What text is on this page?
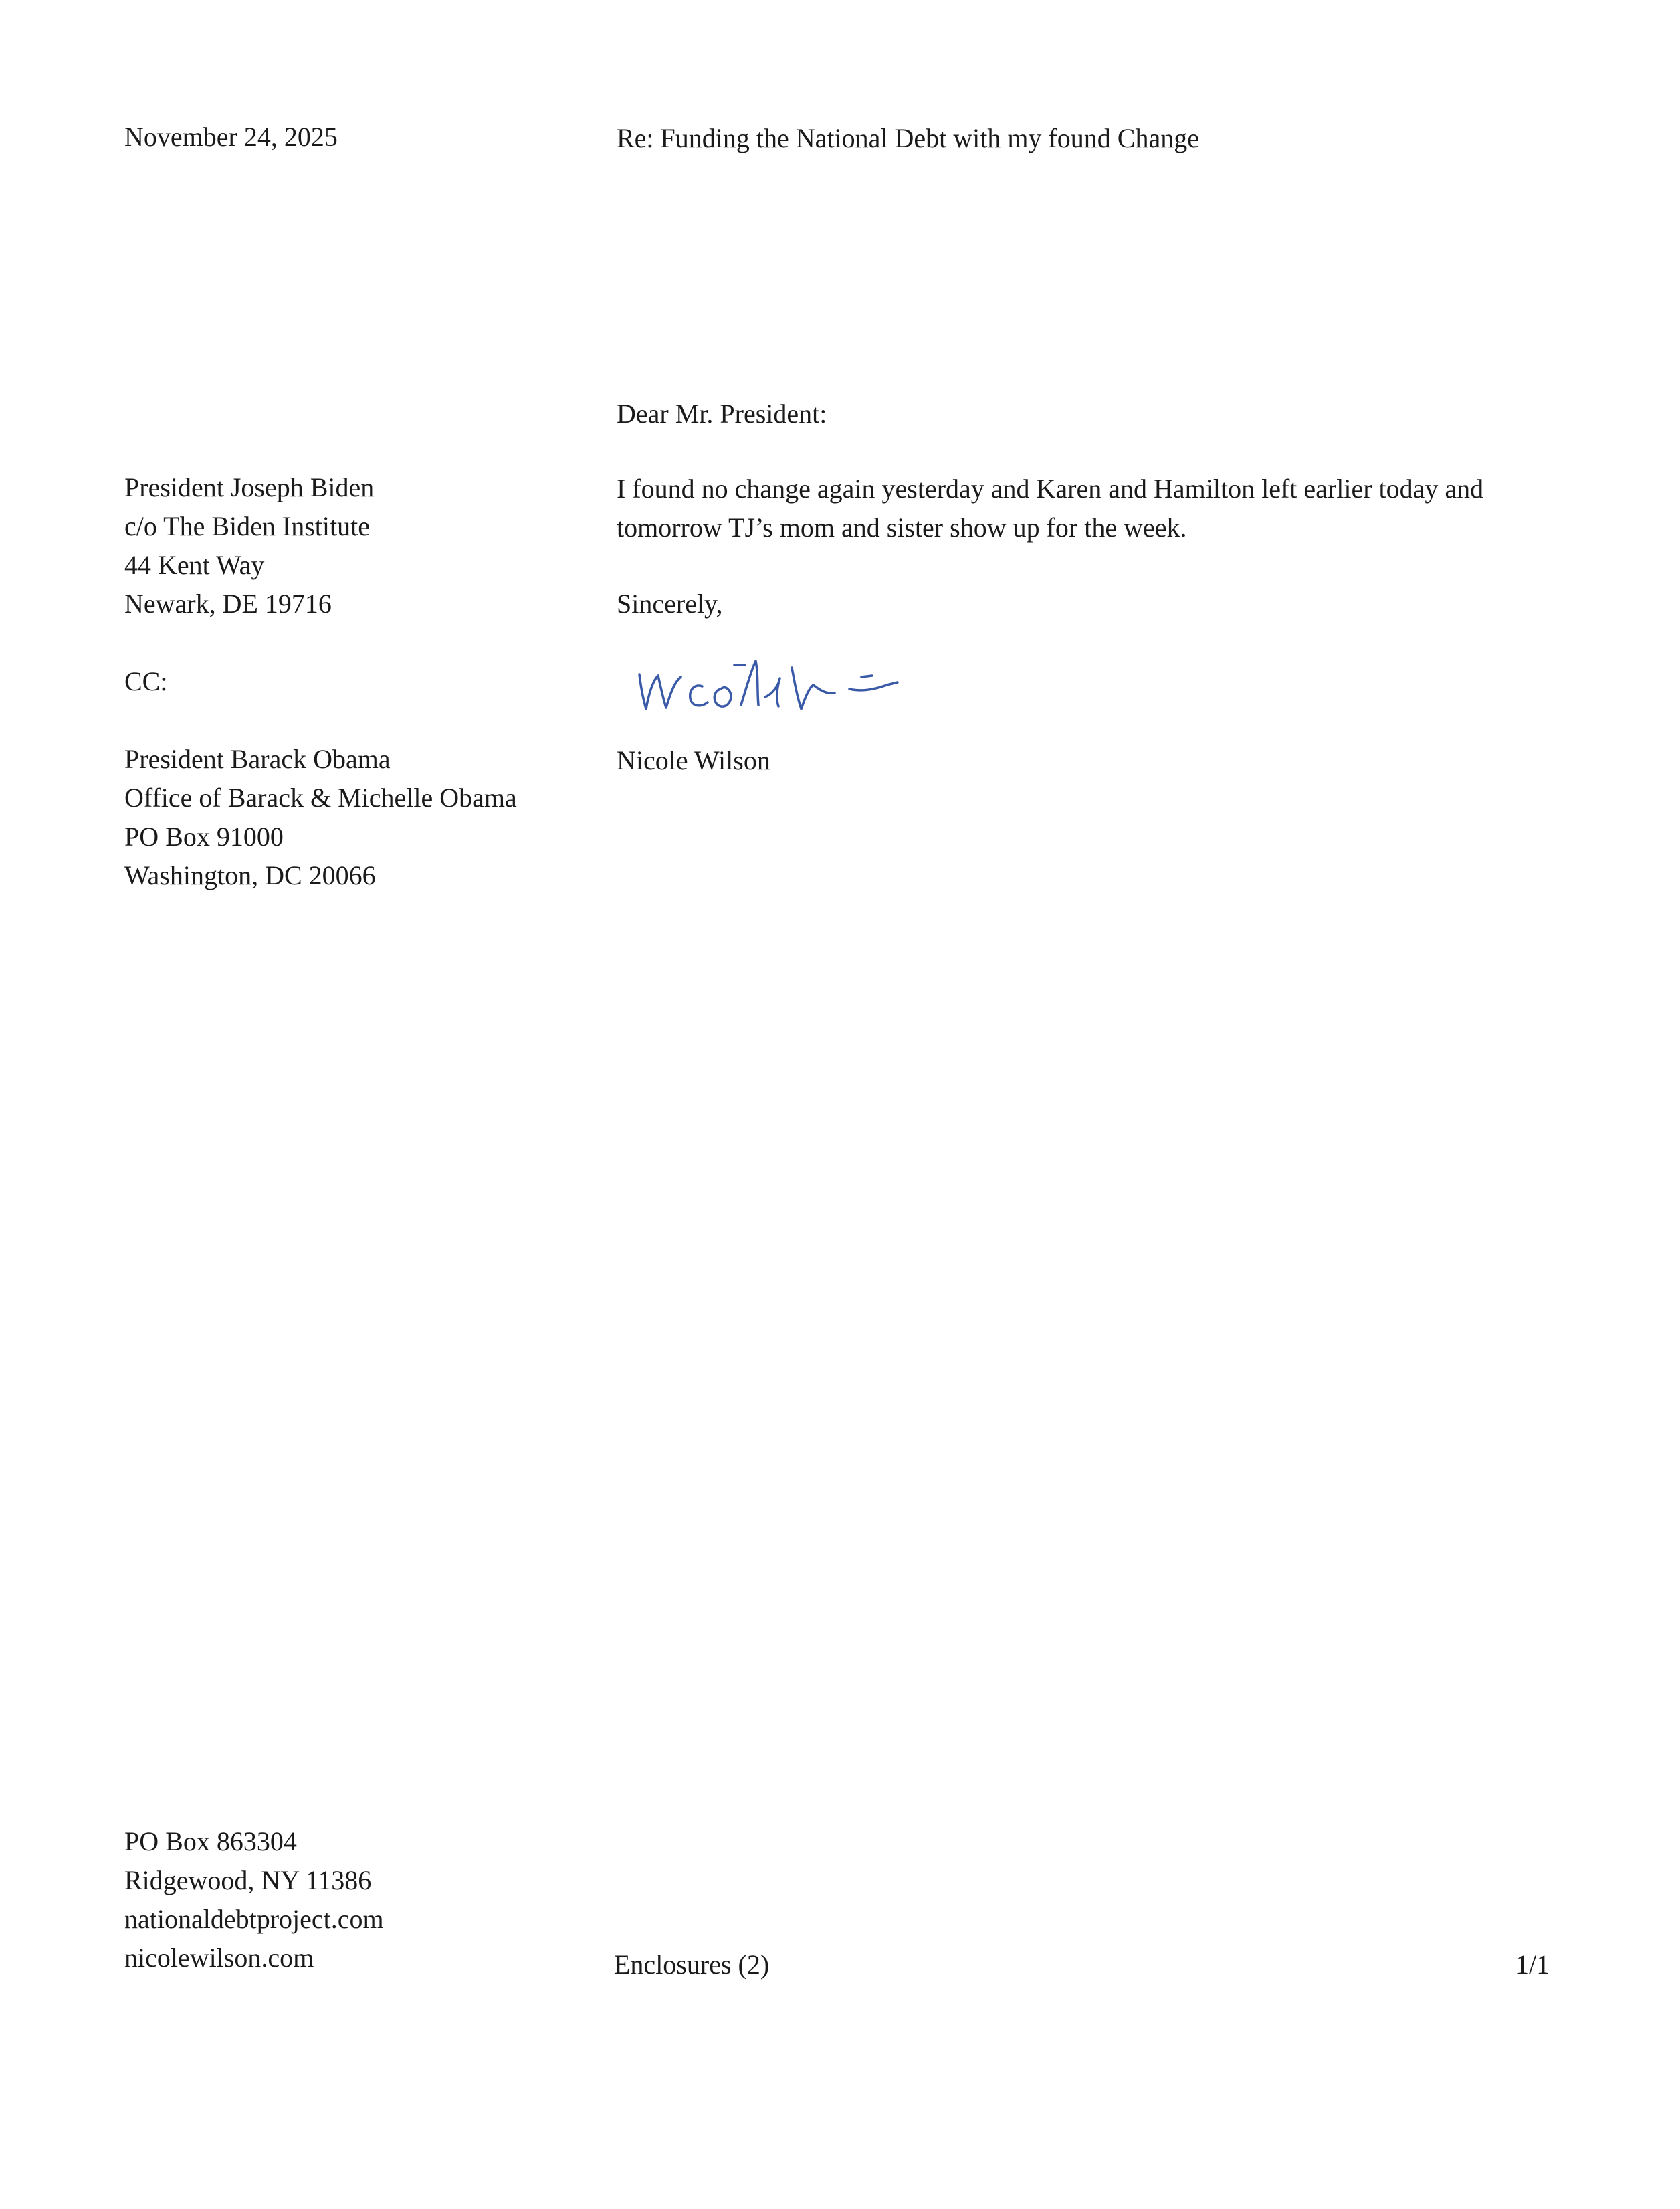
November 24, 2025	Re: Funding the National Debt with my found Change
Dear Mr. President:
I found no change again yesterday and Karen and Hamilton left earlier today and
tomorrow TJ’s mom and sister show up for the week.
Sincerely,
Nicole Wilson
President Joseph Biden
c/o The Biden Institute
44 Kent Way
Newark, DE 19716
CC:
President Barack Obama
Office of Barack & Michelle Obama
PO Box 91000
Washington, DC 20066
PO Box 863304
Ridgewood, NY 11386
nationaldebtproject.com
nicolewilson.com	Enclosures (2)	1/1
